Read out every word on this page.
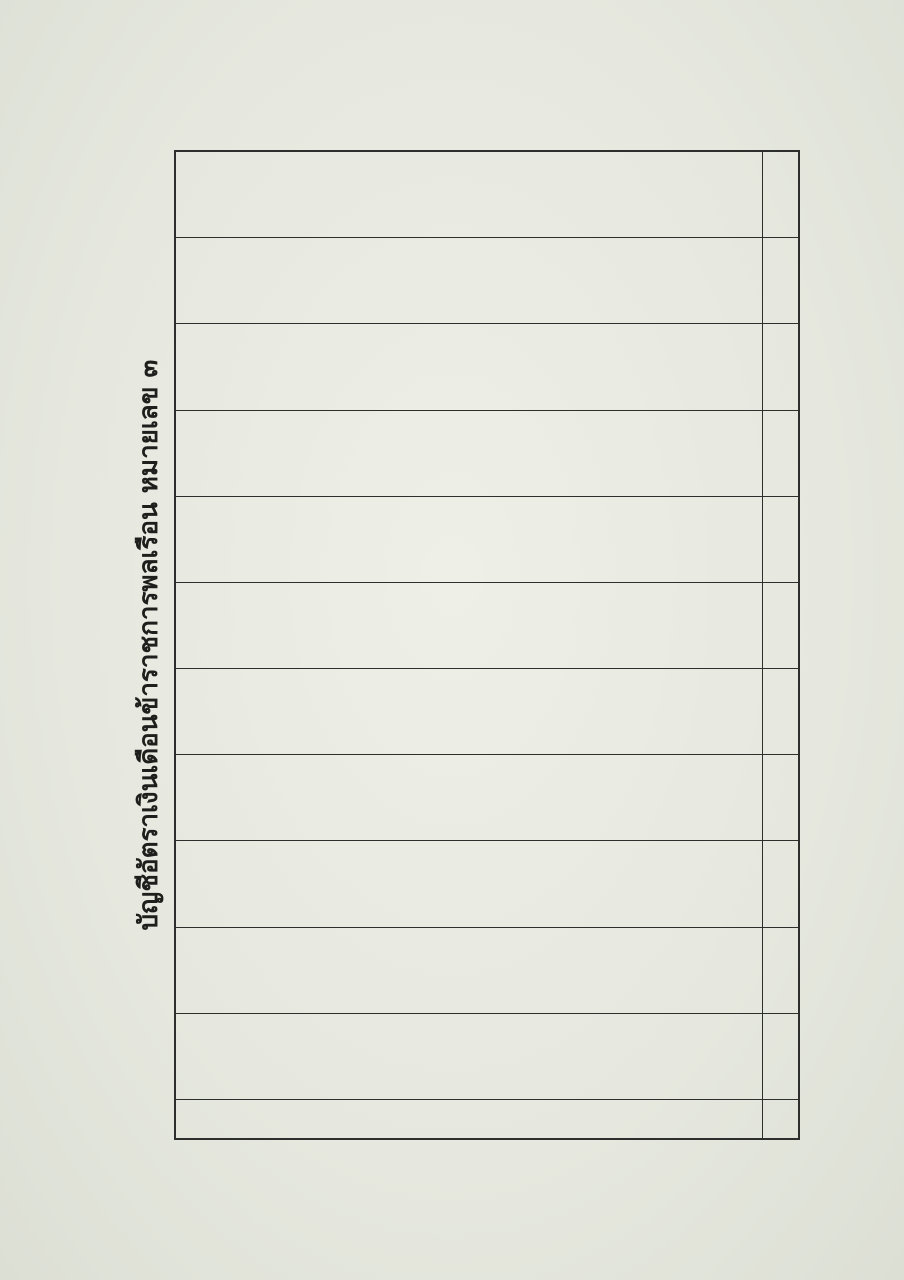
บัญชีอัตราเงินเดือนข้าราชการพลเรือน หมายเลข ๓
